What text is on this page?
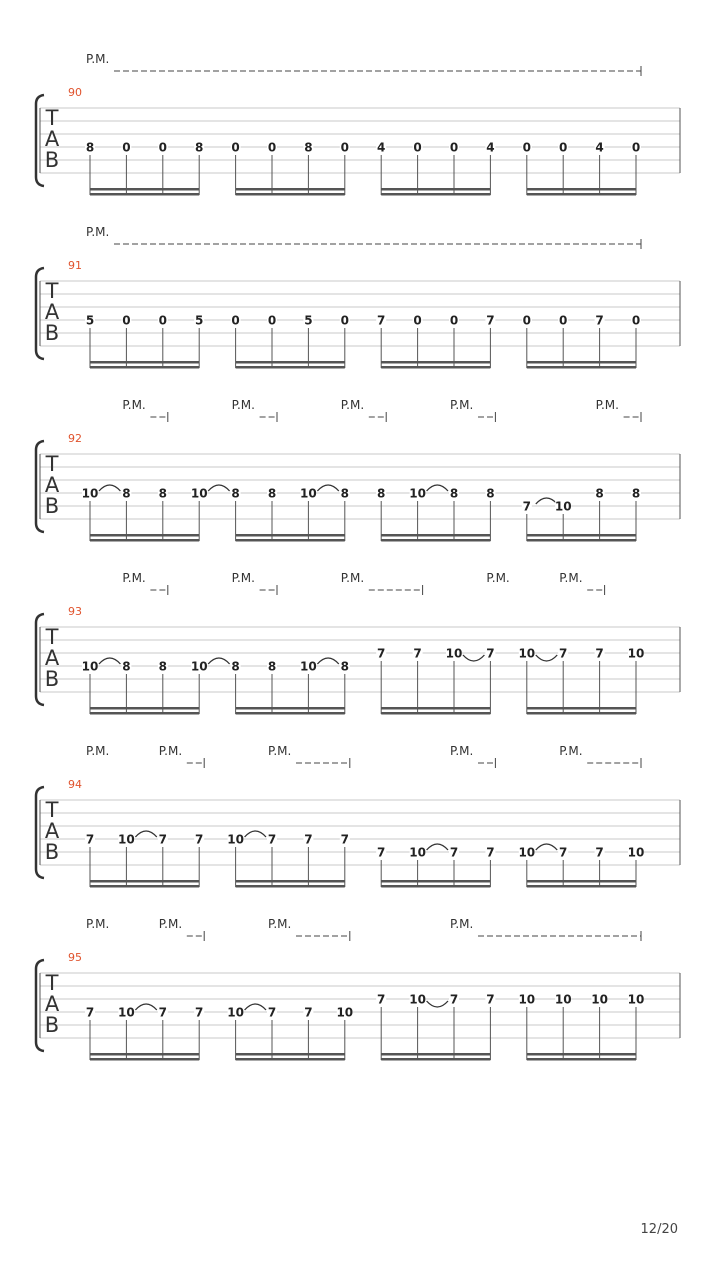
T
A
B
90
P.M.
8 0 0 8 0 0 8 0 4 0 0 4 0 0 4 0
T
A
B
91
P.M.
5 0 0 5 0 0 5 0 7 0 0 7 0 0 7 0
T
A
B
92
P.M.	P.M.	P.M.	P.M.	P.M.
10 8 8 10 8 8 10 8 8 10 8 8
7 10
8 8
T
A
B
93
P.M.	P.M.	P.M.	P.M.	P.M.
10 8 8 10 8 8 10 8
7 7 10 7 10 7 7 10
T
A
B
94
P.M.	P.M.	P.M.	P.M.	P.M.
7 10 7 7 10 7 7 7
7 10 7 7 10 7 7 10
T
A
B
95
P.M.	P.M.	P.M.	P.M.
7 10 7 7 10 7 7 10
7 10 7 7 10 10 10 10
12/20
